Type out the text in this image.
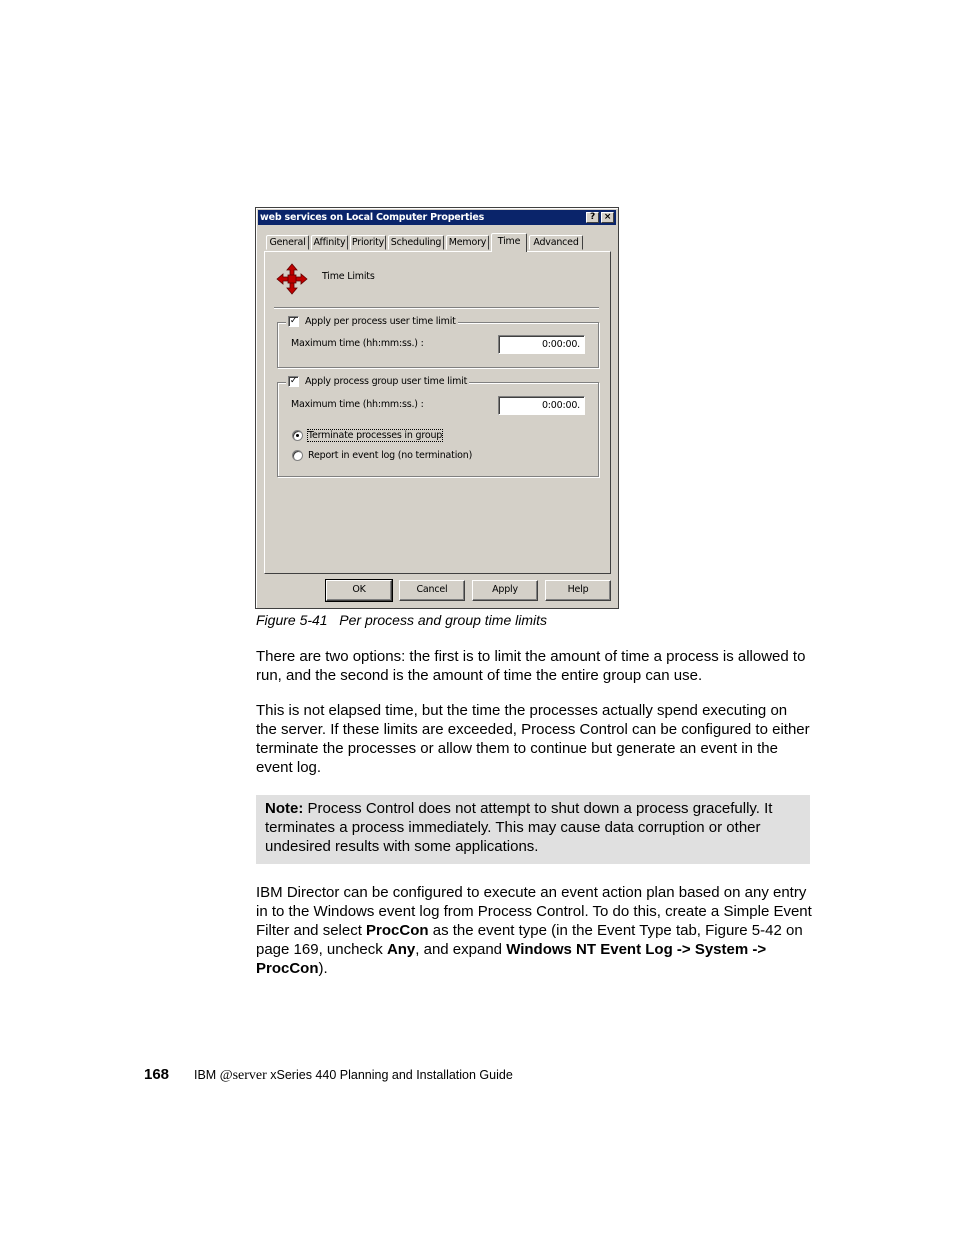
web services on Local Computer Properties	? ×
General Affinity Priority Scheduling Memory	Time	Advanced
Time Limits
✓ Apply per process user time limit
Maximum time (hh:mm:ss.) :	0:00:00.
✓ Apply process group user time limit
Maximum time (hh:mm:ss.) :	0:00:00.
Terminate processes in group
Report in event log (no termination)
OK	Cancel	Apply	Help
Figure 5-41 Per process and group time limits

There are two options: the first is to limit the amount of time a process is allowed to run, and the second is the amount of time the entire group can use.

This is not elapsed time, but the time the processes actually spend executing on the server. If these limits are exceeded, Process Control can be configured to either terminate the processes or allow them to continue but generate an event in the event log.

Note: Process Control does not attempt to shut down a process gracefully. It terminates a process immediately. This may cause data corruption or other undesired results with some applications.

IBM Director can be configured to execute an event action plan based on any entry in to the Windows event log from Process Control. To do this, create a Simple Event Filter and select ProcCon as the event type (in the Event Type tab, Figure 5-42 on page 169, uncheck Any, and expand Windows NT Event Log -> System -> ProcCon).

168 IBM @server xSeries 440 Planning and Installation Guide
